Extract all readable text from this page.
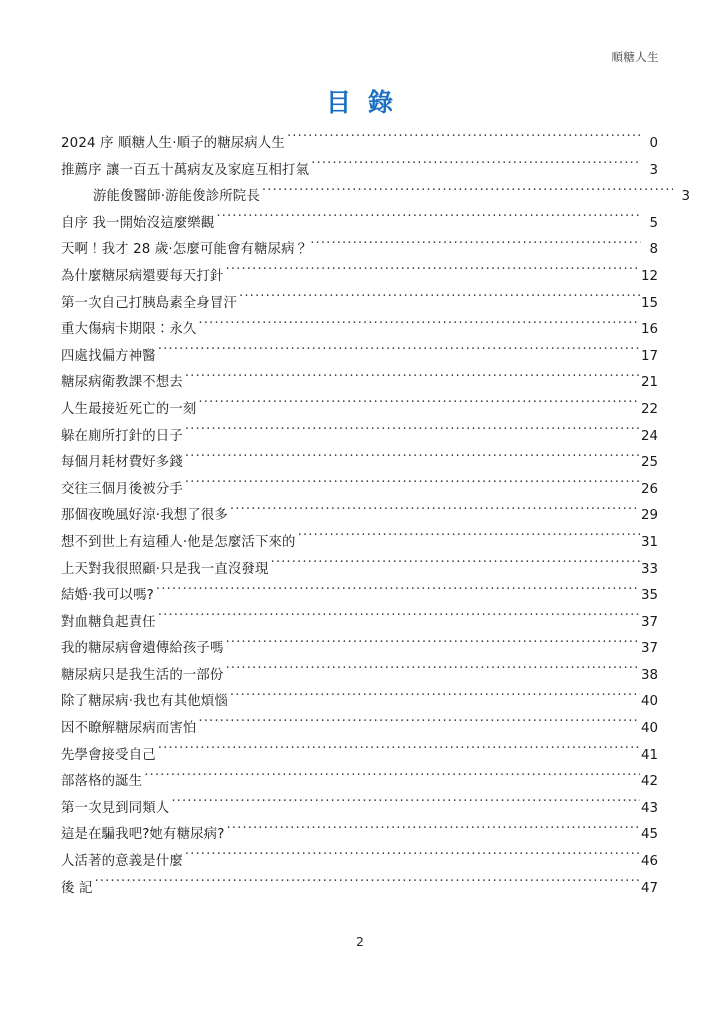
順糖人生
目 錄
2024 序 順糖人生‧順子的糖尿病人生 .....	0
推薦序 讓一百五十萬病友及家庭互相打氣 .....	3
游能俊醫師‧游能俊診所院長 .....	3
自序 我一開始沒這麼樂觀 .....	5
天啊！我才 28 歲‧怎麼可能會有糖尿病？ .....	8
為什麼糖尿病還要每天打針 .....	12
第一次自己打胰島素全身冒汗 .....	15
重大傷病卡期限：永久 .....	16
四處找偏方神醫 .....	17
糖尿病衛教課不想去 .....	21
人生最接近死亡的一刻 .....	22
躲在廁所打針的日子 .....	24
每個月耗材費好多錢 .....	25
交往三個月後被分手 .....	26
那個夜晚風好涼‧我想了很多 .....	29
想不到世上有這種人‧他是怎麼活下來的 .....	31
上天對我很照顧‧只是我一直沒發現 .....	33
結婚‧我可以嗎? .....	35
對血糖負起責任 .....	37
我的糖尿病會遺傳給孩子嗎 .....	37
糖尿病只是我生活的一部份 .....	38
除了糖尿病‧我也有其他煩惱 .....	40
因不瞭解糖尿病而害怕 .....	40
先學會接受自己 .....	41
部落格的誕生 .....	42
第一次見到同類人 .....	43
這是在騙我吧?她有糖尿病? .....	45
人活著的意義是什麼 .....	46
後 記 .....	47
2
